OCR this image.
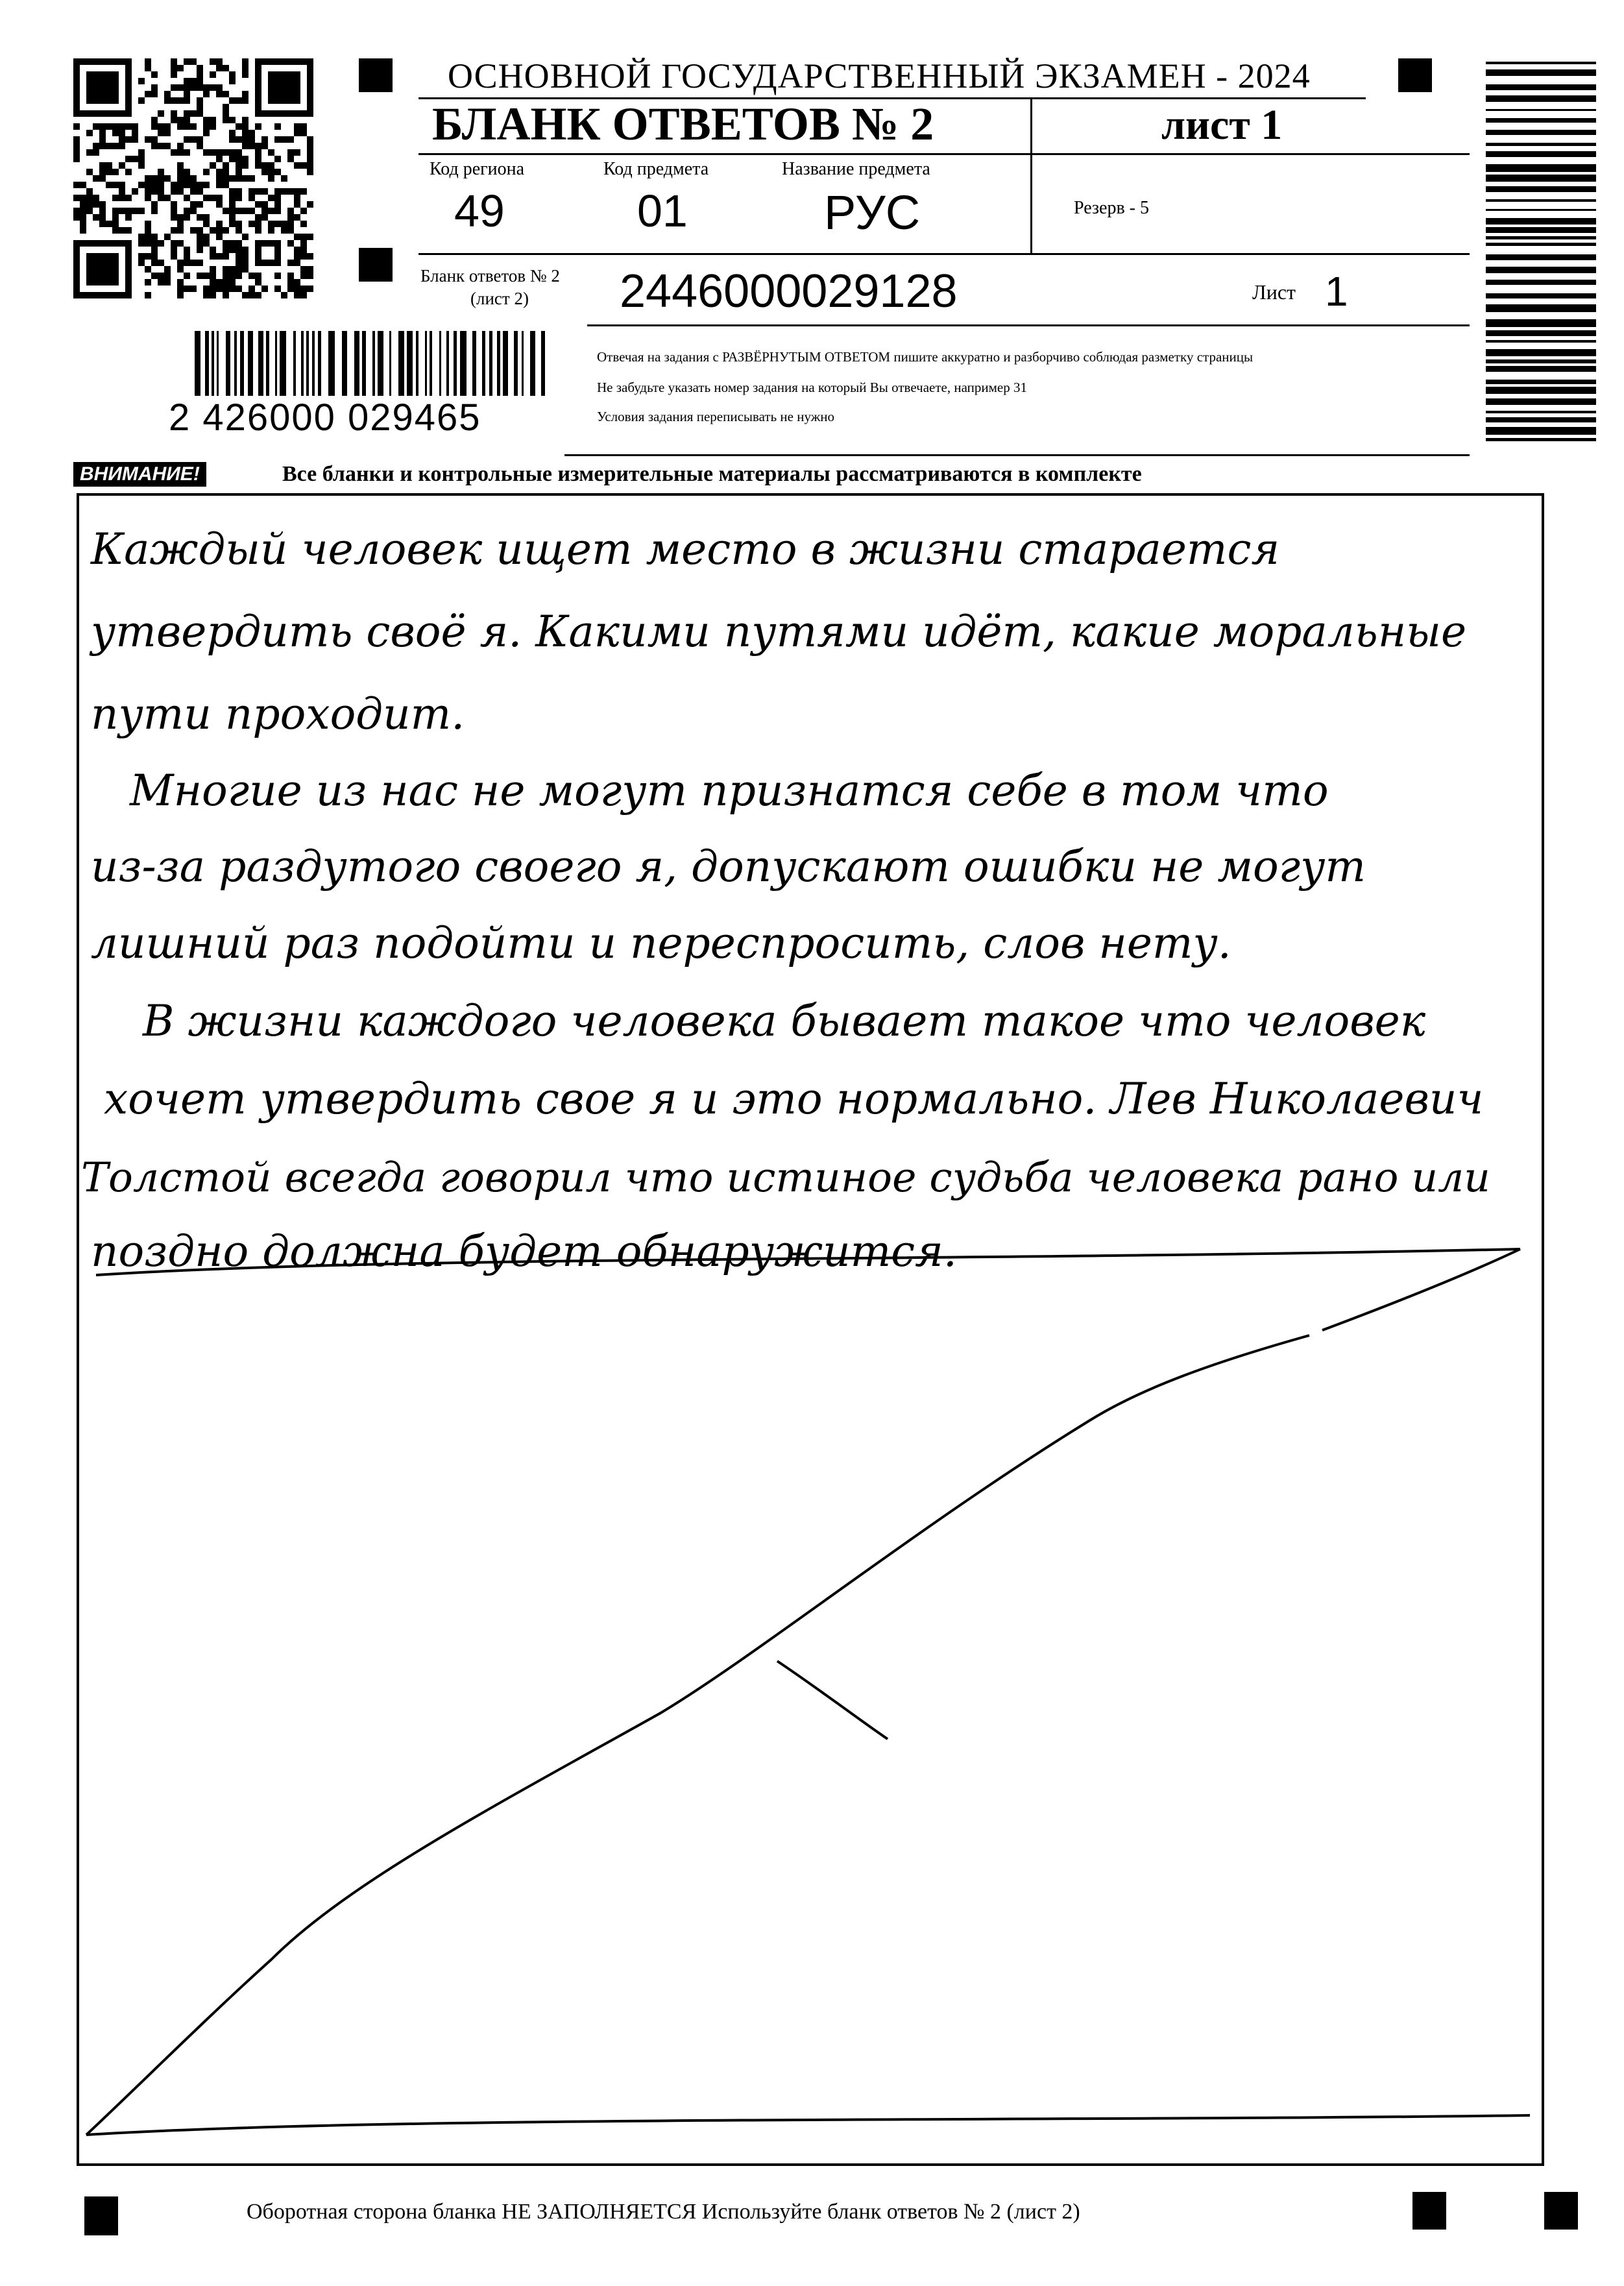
ОСНОВНОЙ ГОСУДАРСТВЕННЫЙ ЭКЗАМЕН - 2024
БЛАНК ОТВЕТОВ № 2	лист 1
Код региона
49
Код предмета
01
Название предмета
РУС	Резерв - 5
Бланк ответов № 2
(лист 2) 2446000029128	Лист 1
2 426000 029465
Отвечая на задания с РАЗВЁРНУТЫМ ОТВЕТОМ пишите аккуратно и разборчиво соблюдая разметку страницы
Не забудьте указать номер задания на который Вы отвечаете, например 31
Условия задания переписывать не нужно
ВНИМАНИЕ!	Все бланки и контрольные измерительные материалы рассматриваются в комплекте
Каждый человек ищет место в жизни старается
утвердить своё я. Какими путями идёт, какие моральные
пути проходит.
Многие из нас не могут признатся себе в том что
из-за раздутого своего я, допускают ошибки не могут
лишний раз подойти и переспросить, слов нету.
В жизни каждого человека бывает такое что человек
хочет утвердить свое я и это нормально. Лев Николаевич
Толстой всегда говорил что истиное судьба человека рано или
поздно должна будет обнаружится.
Оборотная сторона бланка НЕ ЗАПОЛНЯЕТСЯ Используйте бланк ответов № 2 (лист 2)
